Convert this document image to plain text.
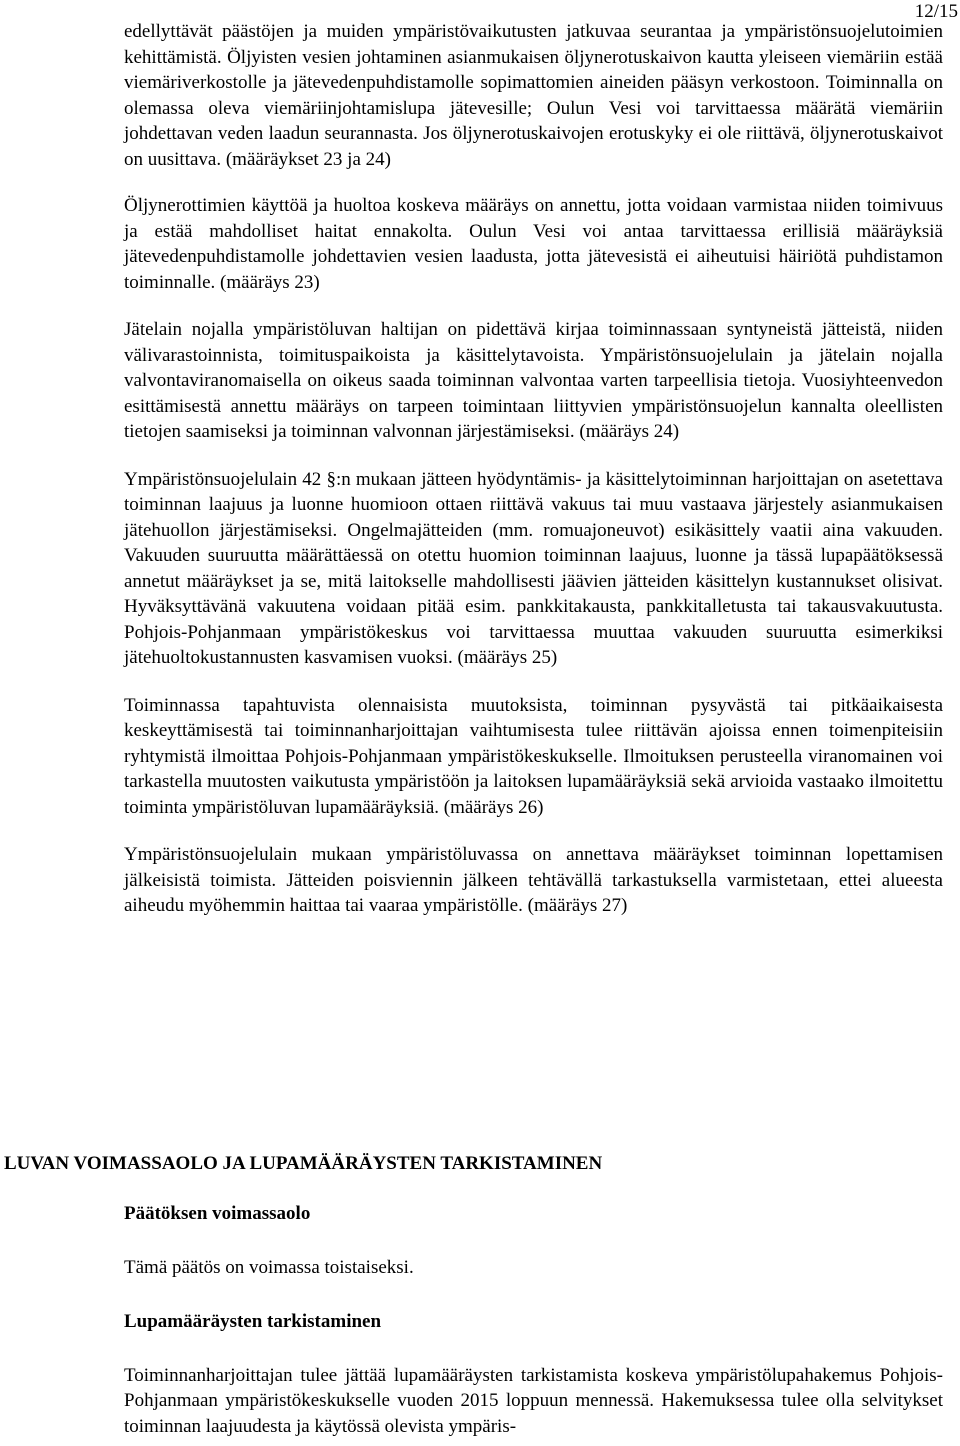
12/15

edellyttävät päästöjen ja muiden ympäristövaikutusten jatkuvaa seurantaa ja ympäristönsuojelutoimien kehittämistä. Öljyisten vesien johtaminen asianmukaisen öljynerotuskaivon kautta yleiseen viemäriin estää viemäriverkostolle ja jätevedenpuhdistamolle sopimattomien aineiden pääsyn verkostoon. Toiminnalla on olemassa oleva viemäriinjohtamislupa jätevesille; Oulun Vesi voi tarvittaessa määrätä viemäriin johdettavan veden laadun seurannasta. Jos öljynerotuskaivojen erotuskyky ei ole riittävä, öljynerotuskaivot on uusittava. (määräykset 23 ja 24)

Öljynerottimien käyttöä ja huoltoa koskeva määräys on annettu, jotta voidaan varmistaa niiden toimivuus ja estää mahdolliset haitat ennakolta. Oulun Vesi voi antaa tarvittaessa erillisiä määräyksiä jätevedenpuhdistamolle johdettavien vesien laadusta, jotta jätevesistä ei aiheutuisi häiriötä puhdistamon toiminnalle. (määräys 23)

Jätelain nojalla ympäristöluvan haltijan on pidettävä kirjaa toiminnassaan syntyneistä jätteistä, niiden välivarastoinnista, toimituspaikoista ja käsittelytavoista. Ympäristönsuojelulain ja jätelain nojalla valvontaviranomaisella on oikeus saada toiminnan valvontaa varten tarpeellisia tietoja. Vuosiyhteenvedon esittämisestä annettu määräys on tarpeen toimintaan liittyvien ympäristönsuojelun kannalta oleellisten tietojen saamiseksi ja toiminnan valvonnan järjestämiseksi. (määräys 24)

Ympäristönsuojelulain 42 §:n mukaan jätteen hyödyntämis- ja käsittelytoiminnan harjoittajan on asetettava toiminnan laajuus ja luonne huomioon ottaen riittävä vakuus tai muu vastaava järjestely asianmukaisen jätehuollon järjestämiseksi. Ongelmajätteiden (mm. romuajoneuvot) esikäsittely vaatii aina vakuuden. Vakuuden suuruutta määrättäessä on otettu huomion toiminnan laajuus, luonne ja tässä lupapäätöksessä annetut määräykset ja se, mitä laitokselle mahdollisesti jäävien jätteiden käsittelyn kustannukset olisivat. Hyväksyttävänä vakuutena voidaan pitää esim. pankkitakausta, pankkitalletusta tai takausvakuutusta. Pohjois-Pohjanmaan ympäristökeskus voi tarvittaessa muuttaa vakuuden suuruutta esimerkiksi jätehuoltokustannusten kasvamisen vuoksi. (määräys 25)

Toiminnassa tapahtuvista olennaisista muutoksista, toiminnan pysyvästä tai pitkäaikaisesta keskeyttämisestä tai toiminnanharjoittajan vaihtumisesta tulee riittävän ajoissa ennen toimenpiteisiin ryhtymistä ilmoittaa Pohjois-Pohjanmaan ympäristökeskukselle. Ilmoituksen perusteella viranomainen voi tarkastella muutosten vaikutusta ympäristöön ja laitoksen lupamääräyksiä sekä arvioida vastaako ilmoitettu toiminta ympäristöluvan lupamääräyksiä. (määräys 26)

Ympäristönsuojelulain mukaan ympäristöluvassa on annettava määräykset toiminnan lopettamisen jälkeisistä toimista. Jätteiden poisviennin jälkeen tehtävällä tarkastuksella varmistetaan, ettei alueesta aiheudu myöhemmin haittaa tai vaaraa ympäristölle. (määräys 27)

LUVAN VOIMASSAOLO JA LUPAMÄÄRÄYSTEN TARKISTAMINEN
Päätöksen voimassaolo

Tämä päätös on voimassa toistaiseksi.

Lupamääräysten tarkistaminen

Toiminnanharjoittajan tulee jättää lupamääräysten tarkistamista koskeva ympäristölupahakemus Pohjois-Pohjanmaan ympäristökeskukselle vuoden 2015 loppuun mennessä. Hakemuksessa tulee olla selvitykset toiminnan laajuudesta ja käytössä olevista ympäris-
